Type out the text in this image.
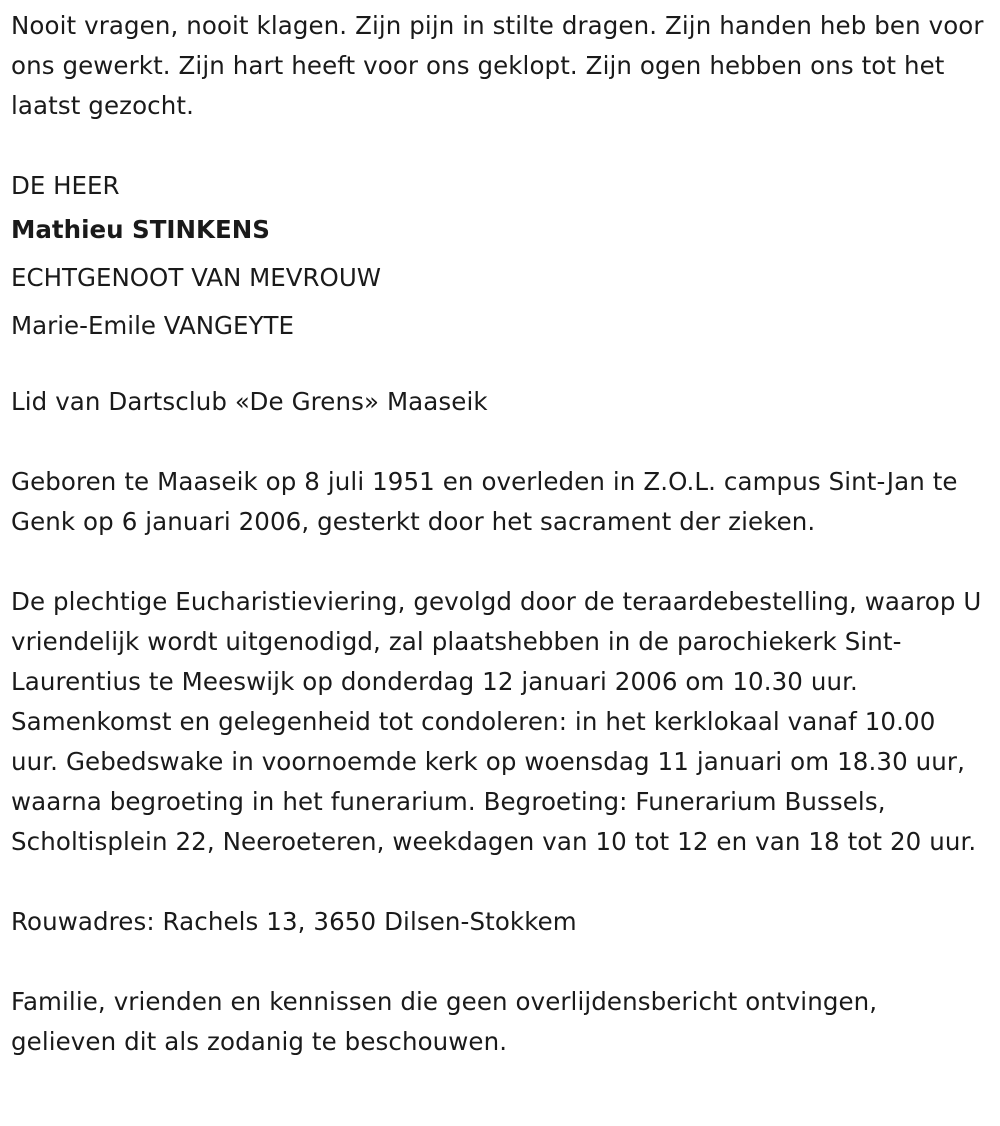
Nooit vragen, nooit klagen. Zijn pijn in stilte dragen. Zijn handen heb ben voor ons gewerkt. Zijn hart heeft voor ons geklopt. Zijn ogen hebben ons tot het laatst gezocht.

DE HEER

Mathieu STINKENS

ECHTGENOOT VAN MEVROUW

Marie-Emile VANGEYTE

Lid van Dartsclub «De Grens» Maaseik

Geboren te Maaseik op 8 juli 1951 en overleden in Z.O.L. campus Sint-Jan te Genk op 6 januari 2006, gesterkt door het sacrament der zieken.

De plechtige Eucharistieviering, gevolgd door de teraardebestelling, waarop U vriendelijk wordt uitgenodigd, zal plaatshebben in de parochiekerk Sint-Laurentius te Meeswijk op donderdag 12 januari 2006 om 10.30 uur. Samenkomst en gelegenheid tot condoleren: in het kerklokaal vanaf 10.00 uur. Gebedswake in voornoemde kerk op woensdag 11 januari om 18.30 uur, waarna begroeting in het funerarium. Begroeting: Funerarium Bussels, Scholtisplein 22, Neeroeteren, weekdagen van 10 tot 12 en van 18 tot 20 uur.

Rouwadres: Rachels 13, 3650 Dilsen-Stokkem

Familie, vrienden en kennissen die geen overlijdensbericht ontvingen, gelieven dit als zodanig te beschouwen.
